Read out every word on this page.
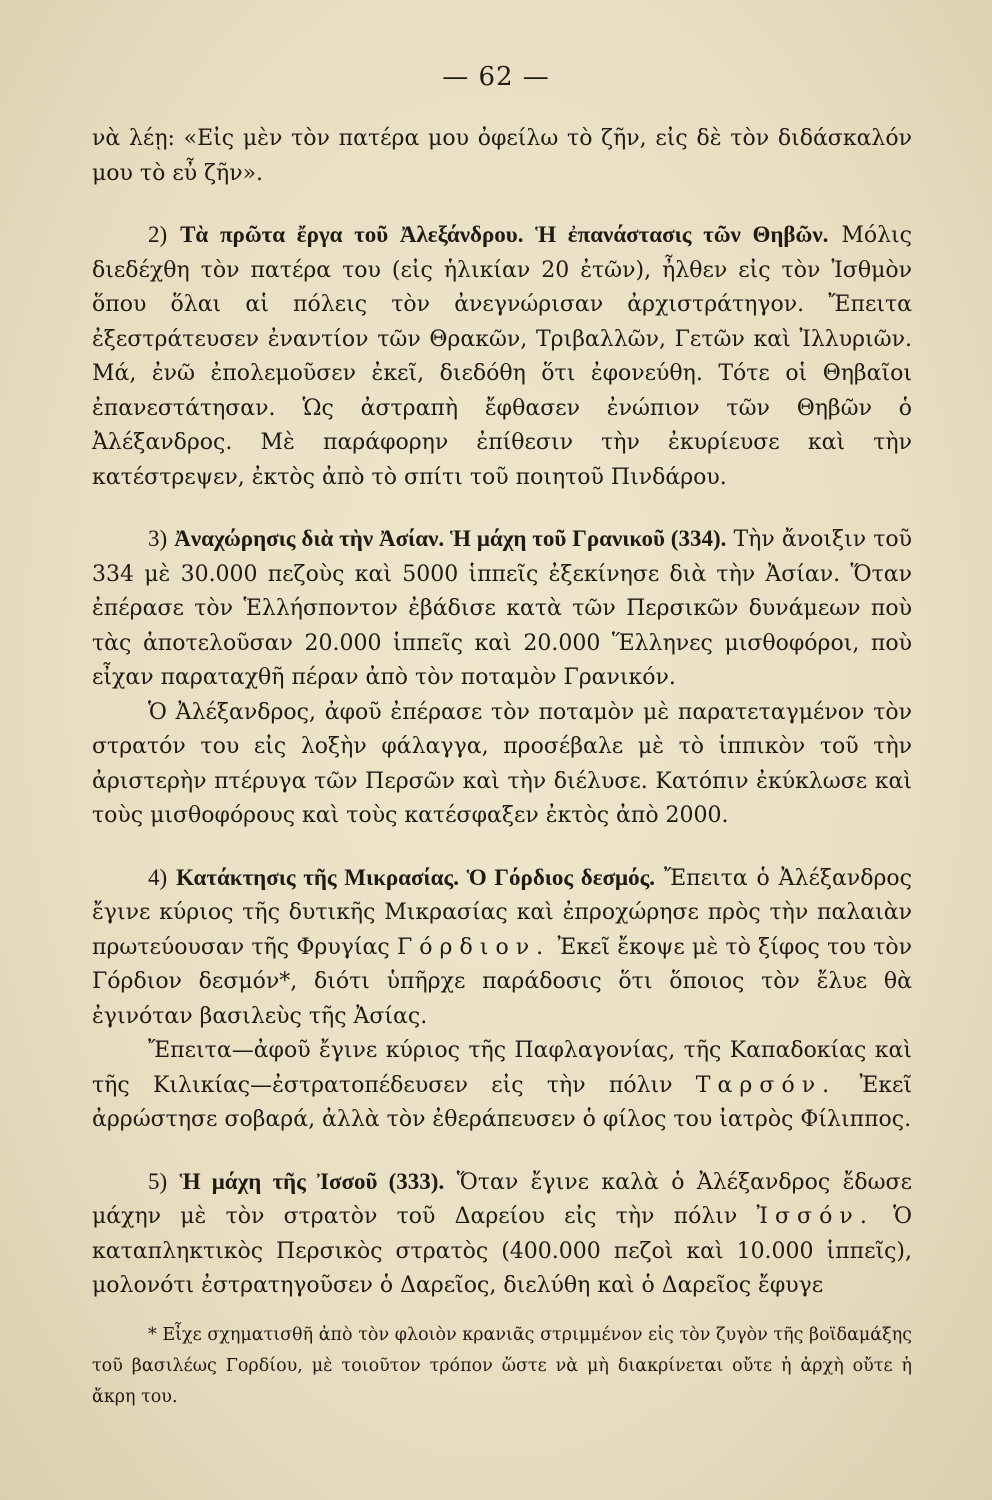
— 62 —

νὰ λέῃ: «Εἰς μὲν τὸν πατέρα μου ὀφείλω τὸ ζῆν, εἰς δὲ τὸν διδάσκαλόν μου τὸ εὖ ζῆν».

2) Τὰ πρῶτα ἔργα τοῦ Ἀλεξάνδρου. Ἡ ἐπανάστασις τῶν Θηβῶν. Μόλις διεδέχθη τὸν πατέρα του (εἰς ἡλικίαν 20 ἐτῶν), ἦλθεν εἰς τὸν Ἰσθμὸν ὅπου ὅλαι αἱ πόλεις τὸν ἀνεγνώρισαν ἀρχιστράτηγον. Ἔπειτα ἐξεστράτευσεν ἐναντίον τῶν Θρακῶν, Τριβαλλῶν, Γετῶν καὶ Ἰλλυριῶν. Μά, ἐνῶ ἐπολεμοῦσεν ἐκεῖ, διεδόθη ὅτι ἐφονεύθη. Τότε οἱ Θηβαῖοι ἐπανεστάτησαν. Ὡς ἀστραπὴ ἔφθασεν ἐνώπιον τῶν Θηβῶν ὁ Ἀλέξανδρος. Μὲ παράφορην ἐπίθεσιν τὴν ἐκυρίευσε καὶ τὴν κατέστρεψεν, ἐκτὸς ἀπὸ τὸ σπίτι τοῦ ποιητοῦ Πινδάρου.

3) Ἀναχώρησις διὰ τὴν Ἀσίαν. Ἡ μάχη τοῦ Γρανικοῦ (334). Τὴν ἄνοιξιν τοῦ 334 μὲ 30.000 πεζοὺς καὶ 5000 ἱππεῖς ἐξεκίνησε διὰ τὴν Ἀσίαν. Ὅταν ἐπέρασε τὸν Ἑλλήσποντον ἐβάδισε κατὰ τῶν Περσικῶν δυνάμεων ποὺ τὰς ἀποτελοῦσαν 20.000 ἱππεῖς καὶ 20.000 Ἕλληνες μισθοφόροι, ποὺ εἶχαν παραταχθῆ πέραν ἀπὸ τὸν ποταμὸν Γρανικόν.

Ὁ Ἀλέξανδρος, ἀφοῦ ἐπέρασε τὸν ποταμὸν μὲ παρατεταγμένον τὸν στρατόν του εἰς λοξὴν φάλαγγα, προσέβαλε μὲ τὸ ἱππικὸν τοῦ τὴν ἀριστερὴν πτέρυγα τῶν Περσῶν καὶ τὴν διέλυσε. Κατόπιν ἐκύκλωσε καὶ τοὺς μισθοφόρους καὶ τοὺς κατέσφαξεν ἐκτὸς ἀπὸ 2000.

4) Κατάκτησις τῆς Μικρασίας. Ὁ Γόρδιος δεσμός. Ἔπειτα ὁ Ἀλέξανδρος ἔγινε κύριος τῆς δυτικῆς Μικρασίας καὶ ἐπροχώρησε πρὸς τὴν παλαιὰν πρωτεύουσαν τῆς Φρυγίας Γόρδιον. Ἐκεῖ ἔκοψε μὲ τὸ ξίφος του τὸν Γόρδιον δεσμόν*, διότι ὑπῆρχε παράδοσις ὅτι ὅποιος τὸν ἔλυε θὰ ἐγινόταν βασιλεὺς τῆς Ἀσίας.

Ἔπειτα—ἀφοῦ ἔγινε κύριος τῆς Παφλαγονίας, τῆς Καπαδοκίας καὶ τῆς Κιλικίας—ἐστρατοπέδευσεν εἰς τὴν πόλιν Ταρσόν. Ἐκεῖ ἀρρώστησε σοβαρά, ἀλλὰ τὸν ἐθεράπευσεν ὁ φίλος του ἰατρὸς Φίλιππος.

5) Ἡ μάχη τῆς Ἰσσοῦ (333). Ὅταν ἔγινε καλὰ ὁ Ἀλέξανδρος ἔδωσε μάχην μὲ τὸν στρατὸν τοῦ Δαρείου εἰς τὴν πόλιν Ἰσσόν. Ὁ καταπληκτικὸς Περσικὸς στρατὸς (400.000 πεζοὶ καὶ 10.000 ἱππεῖς), μολονότι ἐστρατηγοῦσεν ὁ Δαρεῖος, διελύθη καὶ ὁ Δαρεῖος ἔφυγε

* Εἶχε σχηματισθῆ ἀπὸ τὸν φλοιὸν κρανιᾶς στριμμένον εἰς τὸν ζυγὸν τῆς βοϊδαμάξης τοῦ βασιλέως Γορδίου, μὲ τοιοῦτον τρόπον ὥστε νὰ μὴ διακρίνεται οὔτε ἡ ἀρχὴ οὔτε ἡ ἄκρη του.
